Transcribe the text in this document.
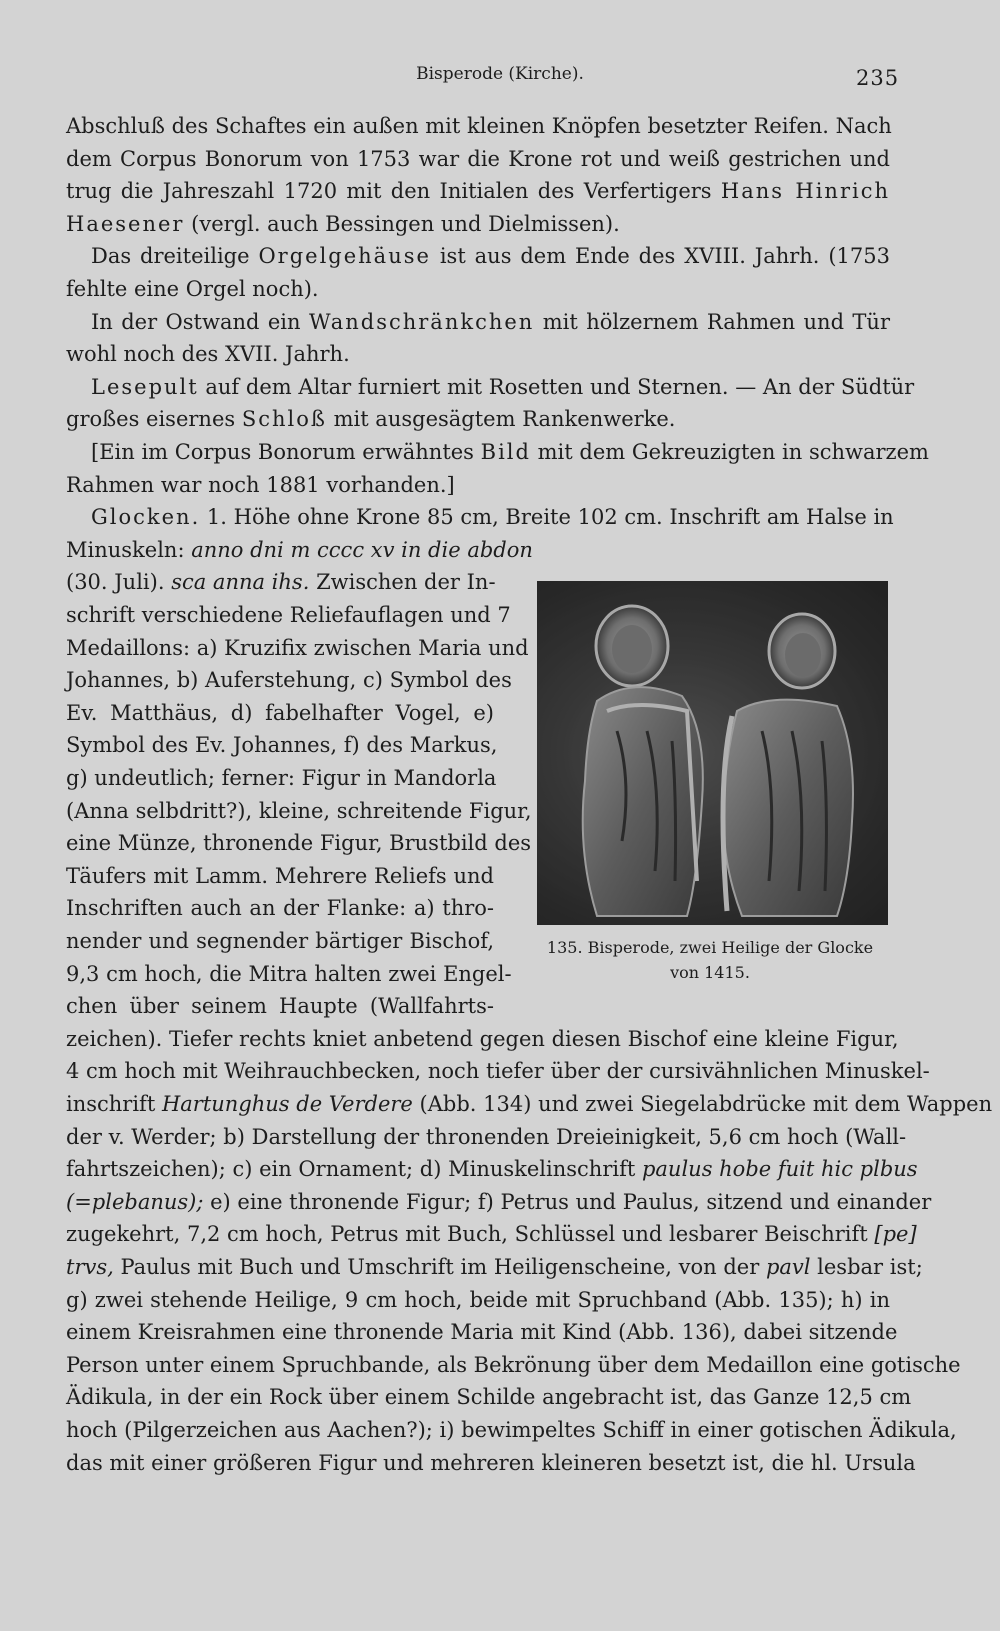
Bisperode (Kirche).	235
Abschluß des Schaftes ein außen mit kleinen Knöpfen besetzter Reifen. Nach
dem Corpus Bonorum von 1753 war die Krone rot und weiß gestrichen und
trug die Jahreszahl 1720 mit den Initialen des Verfertigers Hans Hinrich
Haesener (vergl. auch Bessingen und Dielmissen).
Das dreiteilige Orgelgehäuse ist aus dem Ende des XVIII. Jahrh. (1753
fehlte eine Orgel noch).
In der Ostwand ein Wandschränkchen mit hölzernem Rahmen und Tür
wohl noch des XVII. Jahrh.
Lesepult auf dem Altar furniert mit Rosetten und Sternen. — An der Südtür
großes eisernes Schloß mit ausgesägtem Rankenwerke.
[Ein im Corpus Bonorum erwähntes Bild mit dem Gekreuzigten in schwarzem
Rahmen war noch 1881 vorhanden.]
Glocken. 1. Höhe ohne Krone 85 cm, Breite 102 cm. Inschrift am Halse in
Minuskeln: anno dni m cccc xv in die abdon
(30. Juli). sca anna ihs. Zwischen der In-
schrift verschiedene Reliefauflagen und 7
Medaillons: a) Kruzifix zwischen Maria und
Johannes, b) Auferstehung, c) Symbol des
Ev. Matthäus, d) fabelhafter Vogel, e)
Symbol des Ev. Johannes, f) des Markus,
g) undeutlich; ferner: Figur in Mandorla
(Anna selbdritt?), kleine, schreitende Figur,
eine Münze, thronende Figur, Brustbild des
Täufers mit Lamm. Mehrere Reliefs und
Inschriften auch an der Flanke: a) thro-
nender und segnender bärtiger Bischof,
9,3 cm hoch, die Mitra halten zwei Engel-
chen über seinem Haupte (Wallfahrts-
zeichen). Tiefer rechts kniet anbetend gegen diesen Bischof eine kleine Figur,
4 cm hoch mit Weihrauchbecken, noch tiefer über der cursivähnlichen Minuskel-
inschrift Hartunghus de Verdere (Abb. 134) und zwei Siegelabdrücke mit dem Wappen
der v. Werder; b) Darstellung der thronenden Dreieinigkeit, 5,6 cm hoch (Wall-
fahrtszeichen); c) ein Ornament; d) Minuskelinschrift paulus hobe fuit hic plbus
(=plebanus); e) eine thronende Figur; f) Petrus und Paulus, sitzend und einander
zugekehrt, 7,2 cm hoch, Petrus mit Buch, Schlüssel und lesbarer Beischrift [pe]
trvs, Paulus mit Buch und Umschrift im Heiligenscheine, von der pavl lesbar ist;
g) zwei stehende Heilige, 9 cm hoch, beide mit Spruchband (Abb. 135); h) in
einem Kreisrahmen eine thronende Maria mit Kind (Abb. 136), dabei sitzende
Person unter einem Spruchbande, als Bekrönung über dem Medaillon eine gotische
Ädikula, in der ein Rock über einem Schilde angebracht ist, das Ganze 12,5 cm
hoch (Pilgerzeichen aus Aachen?); i) bewimpeltes Schiff in einer gotischen Ädikula,
das mit einer größeren Figur und mehreren kleineren besetzt ist, die hl. Ursula
135. Bisperode, zwei Heilige der Glocke
von 1415.
